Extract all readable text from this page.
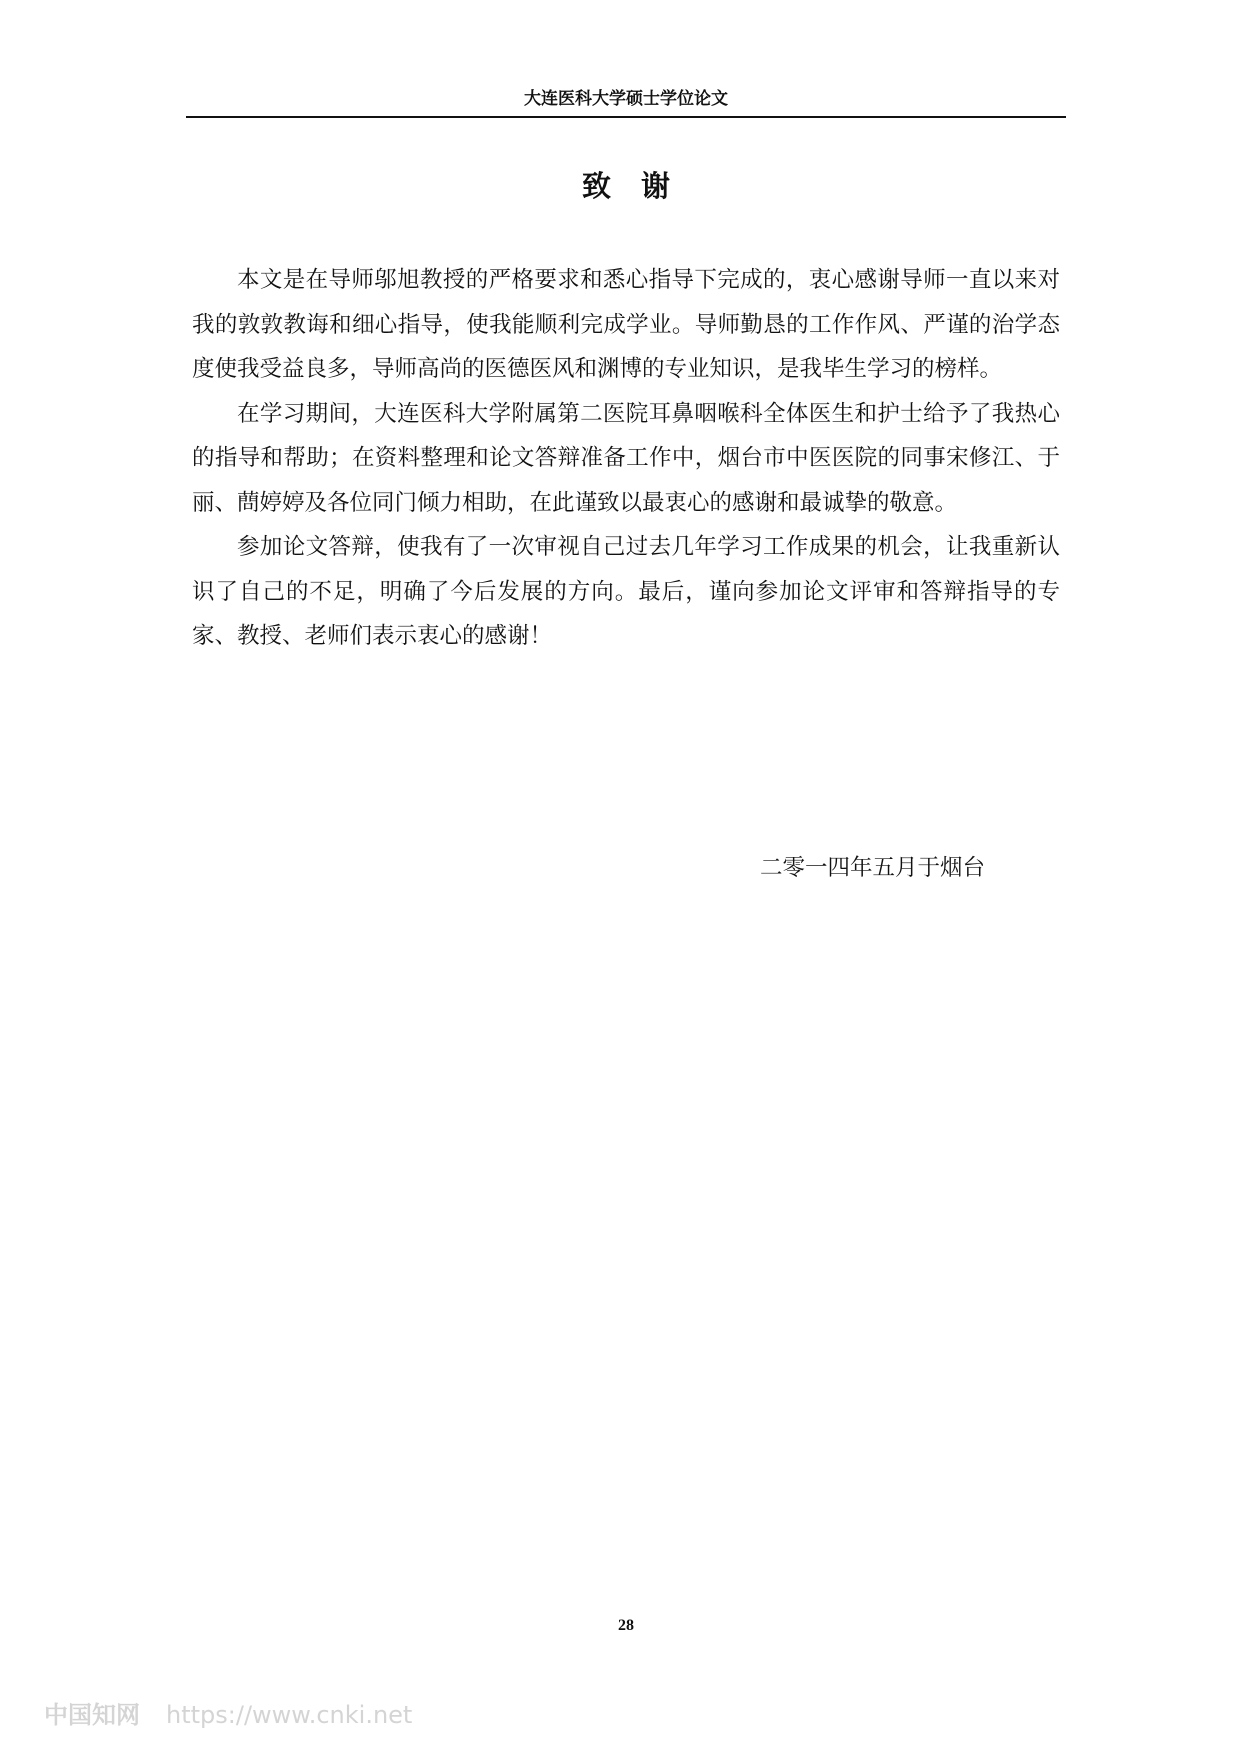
大连医科大学硕士学位论文
致谢

本文是在导师邬旭教授的严格要求和悉心指导下完成的，衷心感谢导师一直以来对我的敦敦教诲和细心指导，使我能顺利完成学业。导师勤恳的工作作风、严谨的治学态度使我受益良多，导师高尚的医德医风和渊博的专业知识，是我毕生学习的榜样。

在学习期间，大连医科大学附属第二医院耳鼻咽喉科全体医生和护士给予了我热心的指导和帮助；在资料整理和论文答辩准备工作中，烟台市中医医院的同事宋修江、于丽、蔄婷婷及各位同门倾力相助，在此谨致以最衷心的感谢和最诚挚的敬意。

参加论文答辩，使我有了一次审视自己过去几年学习工作成果的机会，让我重新认识了自己的不足，明确了今后发展的方向。最后，谨向参加论文评审和答辩指导的专家、教授、老师们表示衷心的感谢！

二零一四年五月于烟台
28
中国知网 https://www.cnki.net
